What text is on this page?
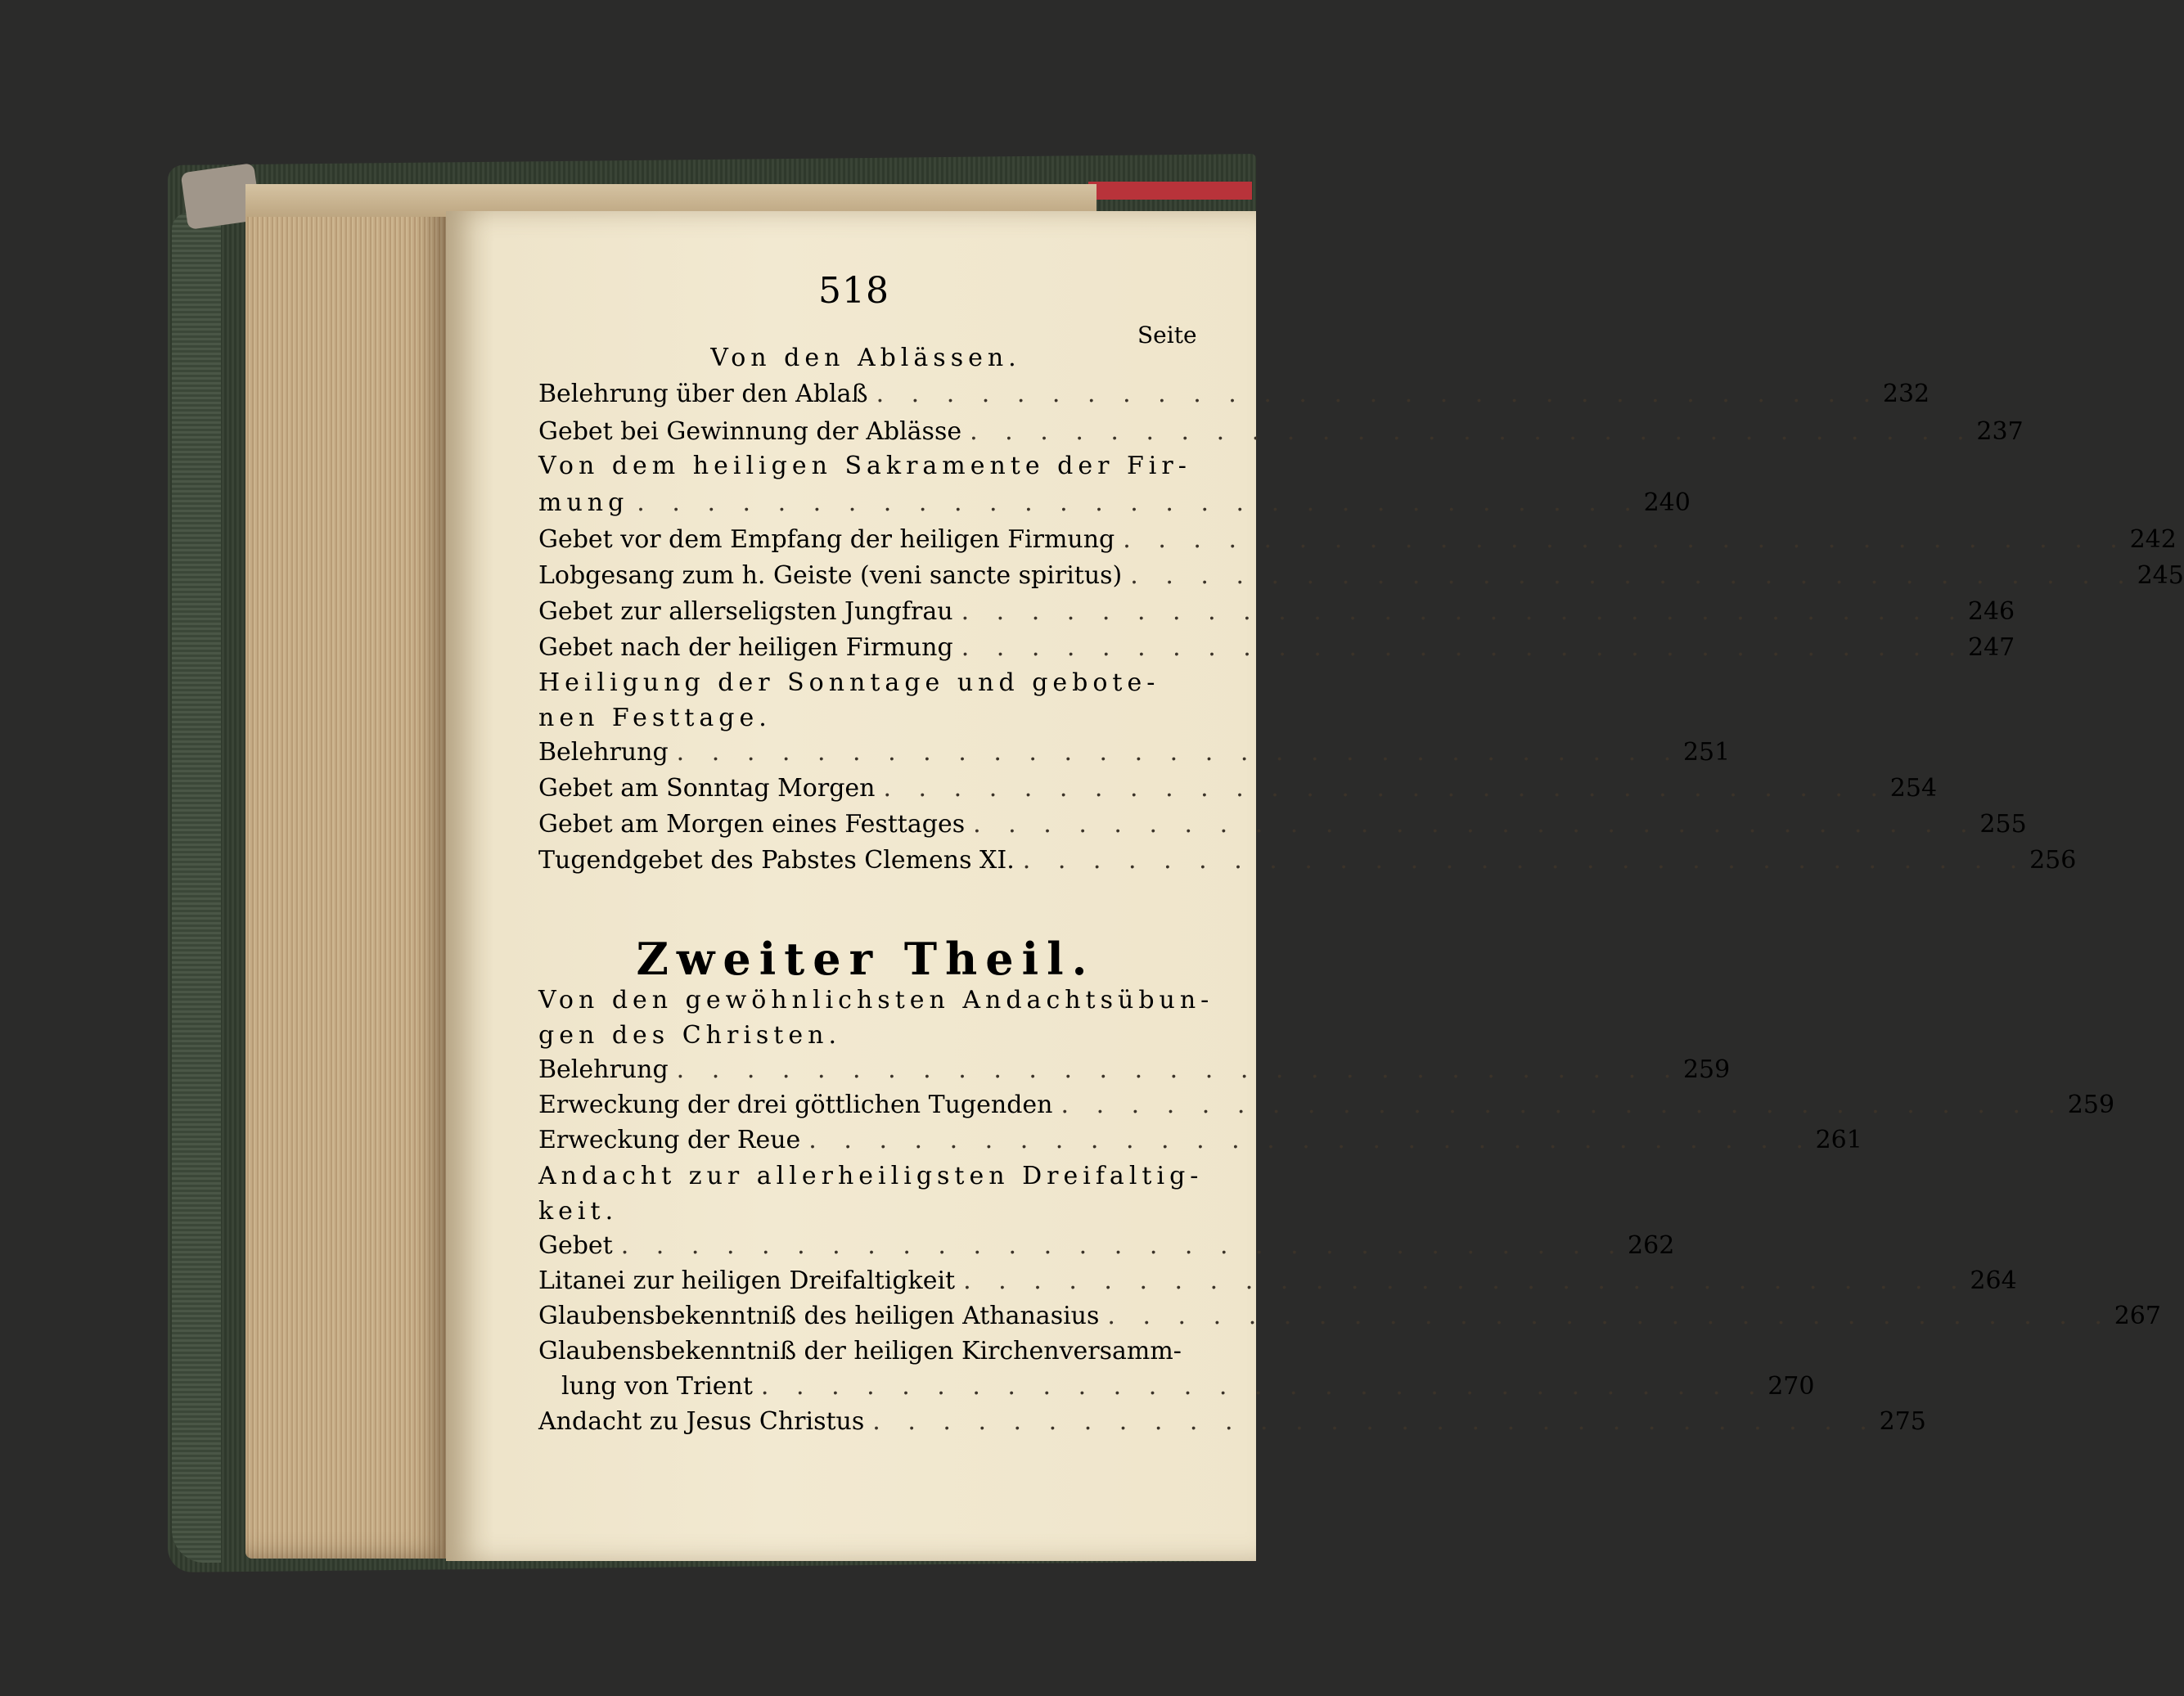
518
Seite
Von den Ablässen.
Belehrung über den Ablaß . . . . . . . . . . . . . . . . . . . . . . . . . . . . . 232
Gebet bei Gewinnung der Ablässe . . . . . . . . . . . . . . . . . . . . . . . . . . . . . 237
Von dem heiligen Sakramente der Fir-
mung . . . . . . . . . . . . . . . . . . . . . . . . . . . . . 240
Gebet vor dem Empfang der heiligen Firmung . . . . . . . . . . . . . . . . . . . . . . . . . . . . . 242
Lobgesang zum h. Geiste (veni sancte spiritus) . . . . . . . . . . . . . . . . . . . . . . . . . . . . . 245
Gebet zur allerseligsten Jungfrau . . . . . . . . . . . . . . . . . . . . . . . . . . . . . 246
Gebet nach der heiligen Firmung . . . . . . . . . . . . . . . . . . . . . . . . . . . . . 247
Heiligung der Sonntage und gebote-
nen Festtage.
Belehrung . . . . . . . . . . . . . . . . . . . . . . . . . . . . . 251
Gebet am Sonntag Morgen . . . . . . . . . . . . . . . . . . . . . . . . . . . . . 254
Gebet am Morgen eines Festtages . . . . . . . . . . . . . . . . . . . . . . . . . . . . . 255
Tugendgebet des Pabstes Clemens XI. . . . . . . . . . . . . . . . . . . . . . . . . . . . . . 256
Zweiter Theil.
Von den gewöhnlichsten Andachtsübun-
gen des Christen.
Belehrung . . . . . . . . . . . . . . . . . . . . . . . . . . . . . 259
Erweckung der drei göttlichen Tugenden . . . . . . . . . . . . . . . . . . . . . . . . . . . . . 259
Erweckung der Reue . . . . . . . . . . . . . . . . . . . . . . . . . . . . . 261
Andacht zur allerheiligsten Dreifaltig-
keit.
Gebet . . . . . . . . . . . . . . . . . . . . . . . . . . . . . 262
Litanei zur heiligen Dreifaltigkeit . . . . . . . . . . . . . . . . . . . . . . . . . . . . . 264
Glaubensbekenntniß des heiligen Athanasius . . . . . . . . . . . . . . . . . . . . . . . . . . . . . 267
Glaubensbekenntniß der heiligen Kirchenversamm-
lung von Trient . . . . . . . . . . . . . . . . . . . . . . . . . . . . . 270
Andacht zu Jesus Christus . . . . . . . . . . . . . . . . . . . . . . . . . . . . . 275
